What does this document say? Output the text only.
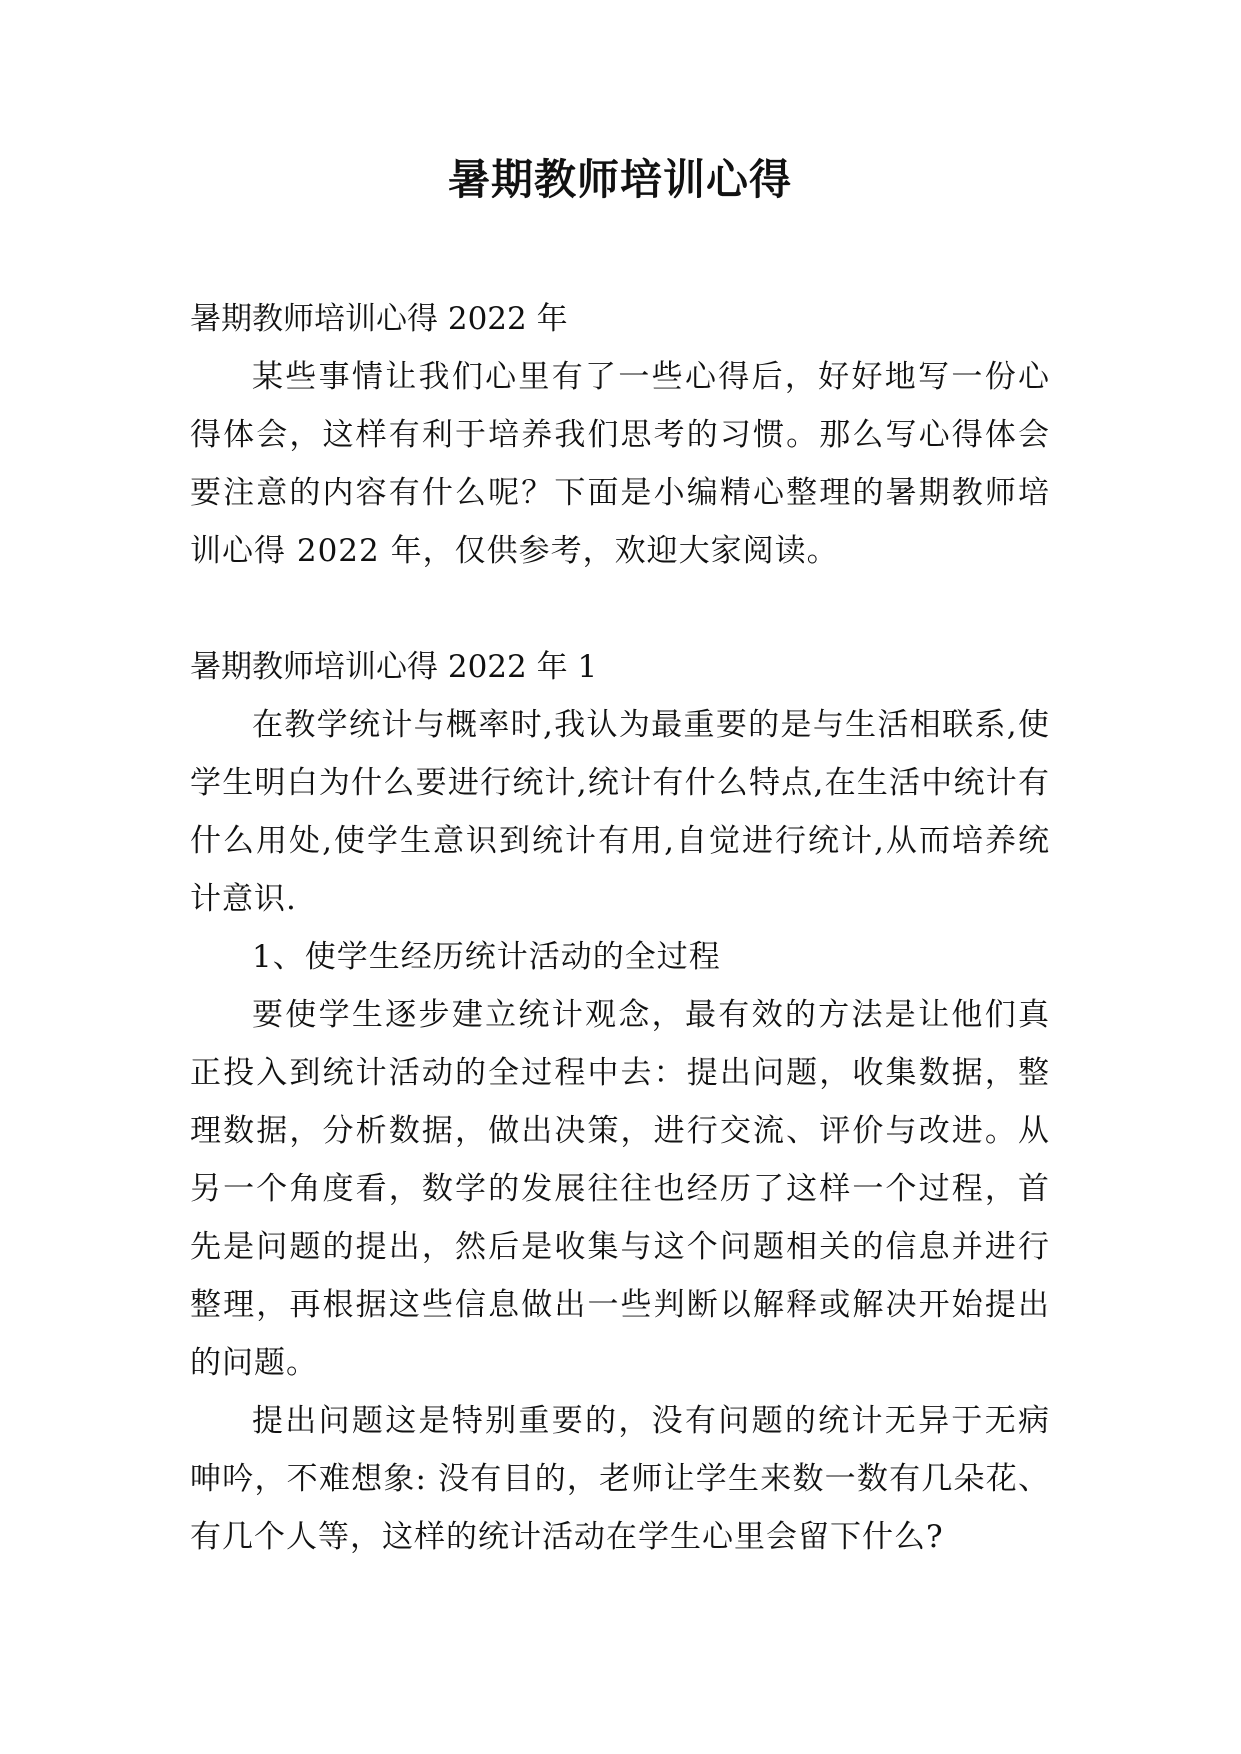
暑期教师培训心得

暑期教师培训心得 2022 年

某些事情让我们心里有了一些心得后，好好地写一份心得体会，这样有利于培养我们思考的习惯。那么写心得体会要注意的内容有什么呢？下面是小编精心整理的暑期教师培训心得 2022 年，仅供参考，欢迎大家阅读。

暑期教师培训心得 2022 年 1

在教学统计与概率时,我认为最重要的是与生活相联系,使学生明白为什么要进行统计,统计有什么特点,在生活中统计有什么用处,使学生意识到统计有用,自觉进行统计,从而培养统计意识.

1、使学生经历统计活动的全过程

要使学生逐步建立统计观念，最有效的方法是让他们真正投入到统计活动的全过程中去：提出问题，收集数据，整理数据，分析数据，做出决策，进行交流、评价与改进。从另一个角度看，数学的发展往往也经历了这样一个过程，首先是问题的提出，然后是收集与这个问题相关的信息并进行整理，再根据这些信息做出一些判断以解释或解决开始提出的问题。

提出问题这是特别重要的，没有问题的统计无异于无病呻吟，不难想象: 没有目的，老师让学生来数一数有几朵花、有几个人等，这样的统计活动在学生心里会留下什么?
